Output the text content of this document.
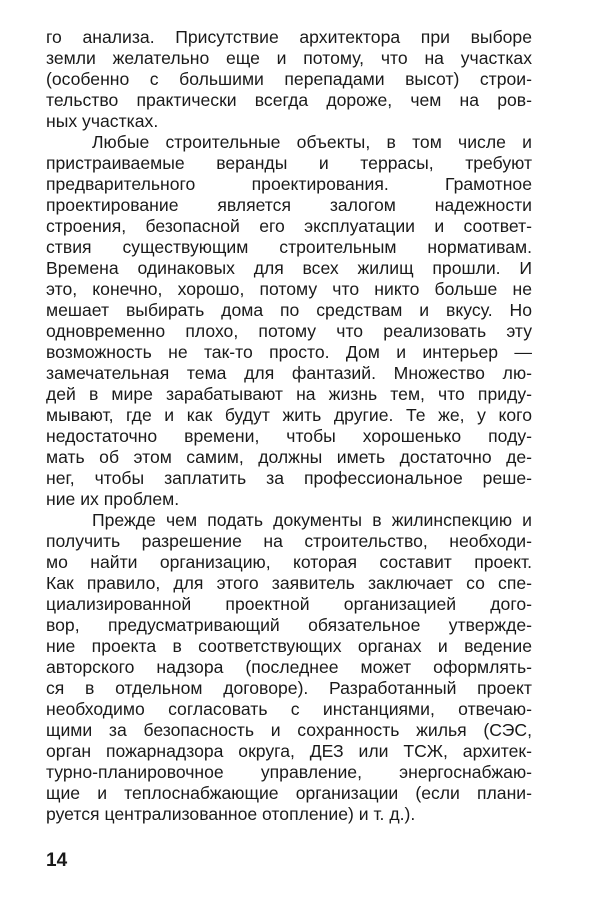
го анализа. Присутствие архитектора при выборе
земли желательно еще и потому, что на участках
(особенно с большими перепадами высот) строи-
тельство практически всегда дороже, чем на ров-
ных участках.
Любые строительные объекты, в том числе и
пристраиваемые веранды и террасы, требуют
предварительного проектирования. Грамотное
проектирование является залогом надежности
строения, безопасной его эксплуатации и соответ-
ствия существующим строительным нормативам.
Времена одинаковых для всех жилищ прошли. И
это, конечно, хорошо, потому что никто больше не
мешает выбирать дома по средствам и вкусу. Но
одновременно плохо, потому что реализовать эту
возможность не так-то просто. Дом и интерьер —
замечательная тема для фантазий. Множество лю-
дей в мире зарабатывают на жизнь тем, что приду-
мывают, где и как будут жить другие. Те же, у кого
недостаточно времени, чтобы хорошенько поду-
мать об этом самим, должны иметь достаточно де-
нег, чтобы заплатить за профессиональное реше-
ние их проблем.
Прежде чем подать документы в жилинспекцию и
получить разрешение на строительство, необходи-
мо найти организацию, которая составит проект.
Как правило, для этого заявитель заключает со спе-
циализированной проектной организацией дого-
вор, предусматривающий обязательное утвержде-
ние проекта в соответствующих органах и ведение
авторского надзора (последнее может оформлять-
ся в отдельном договоре). Разработанный проект
необходимо согласовать с инстанциями, отвечаю-
щими за безопасность и сохранность жилья (СЭС,
орган пожарнадзора округа, ДЕЗ или ТСЖ, архитек-
турно-планировочное управление, энергоснабжаю-
щие и теплоснабжающие организации (если плани-
руется централизованное отопление) и т. д.).
14
